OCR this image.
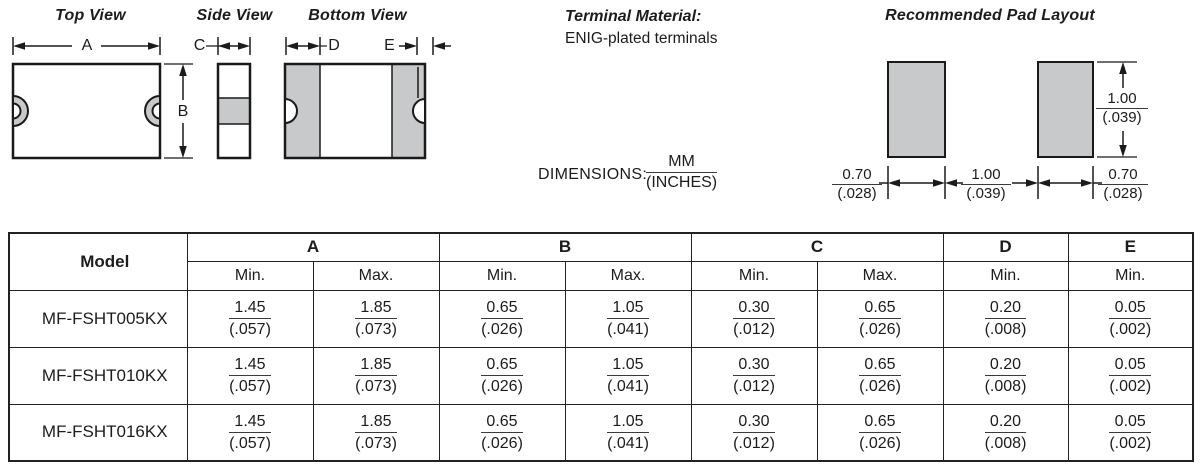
Top View	Side View	Bottom View	Recommended Pad Layout
A
B
C	D	E
Terminal Material:
ENIG-plated terminals
DIMENSIONS:
MM
(INCHES)	$\frac{0.70}{(.028)}$	$\frac{1.00}{(.039)}$	$\frac{0.70}{(.028)}$
$\frac{1.00}{(.039)}$
Model	A		B		C		D	E
	Min.	Max.	Min.	Max.	Min.	Max.	Min.	Min.
MF-FSHT005KX	$\frac{1.45}{(.057)}$	$\frac{1.85}{(.073)}$	$\frac{0.65}{(.026)}$	$\frac{1.05}{(.041)}$	$\frac{0.30}{(.012)}$	$\frac{0.65}{(.026)}$	$\frac{0.20}{(.008)}$	$\frac{0.05}{(.002)}$

MF-FSHT010KX	$\frac{1.45}{(.057)}$	$\frac{1.85}{(.073)}$	$\frac{0.65}{(.026)}$	$\frac{1.05}{(.041)}$	$\frac{0.30}{(.012)}$	$\frac{0.65}{(.026)}$	$\frac{0.20}{(.008)}$	$\frac{0.05}{(.002)}$

MF-FSHT016KX	$\frac{1.45}{(.057)}$	$\frac{1.85}{(.073)}$	$\frac{0.65}{(.026)}$	$\frac{1.05}{(.041)}$	$\frac{0.30}{(.012)}$	$\frac{0.65}{(.026)}$	$\frac{0.20}{(.008)}$	$\frac{0.05}{(.002)}$
